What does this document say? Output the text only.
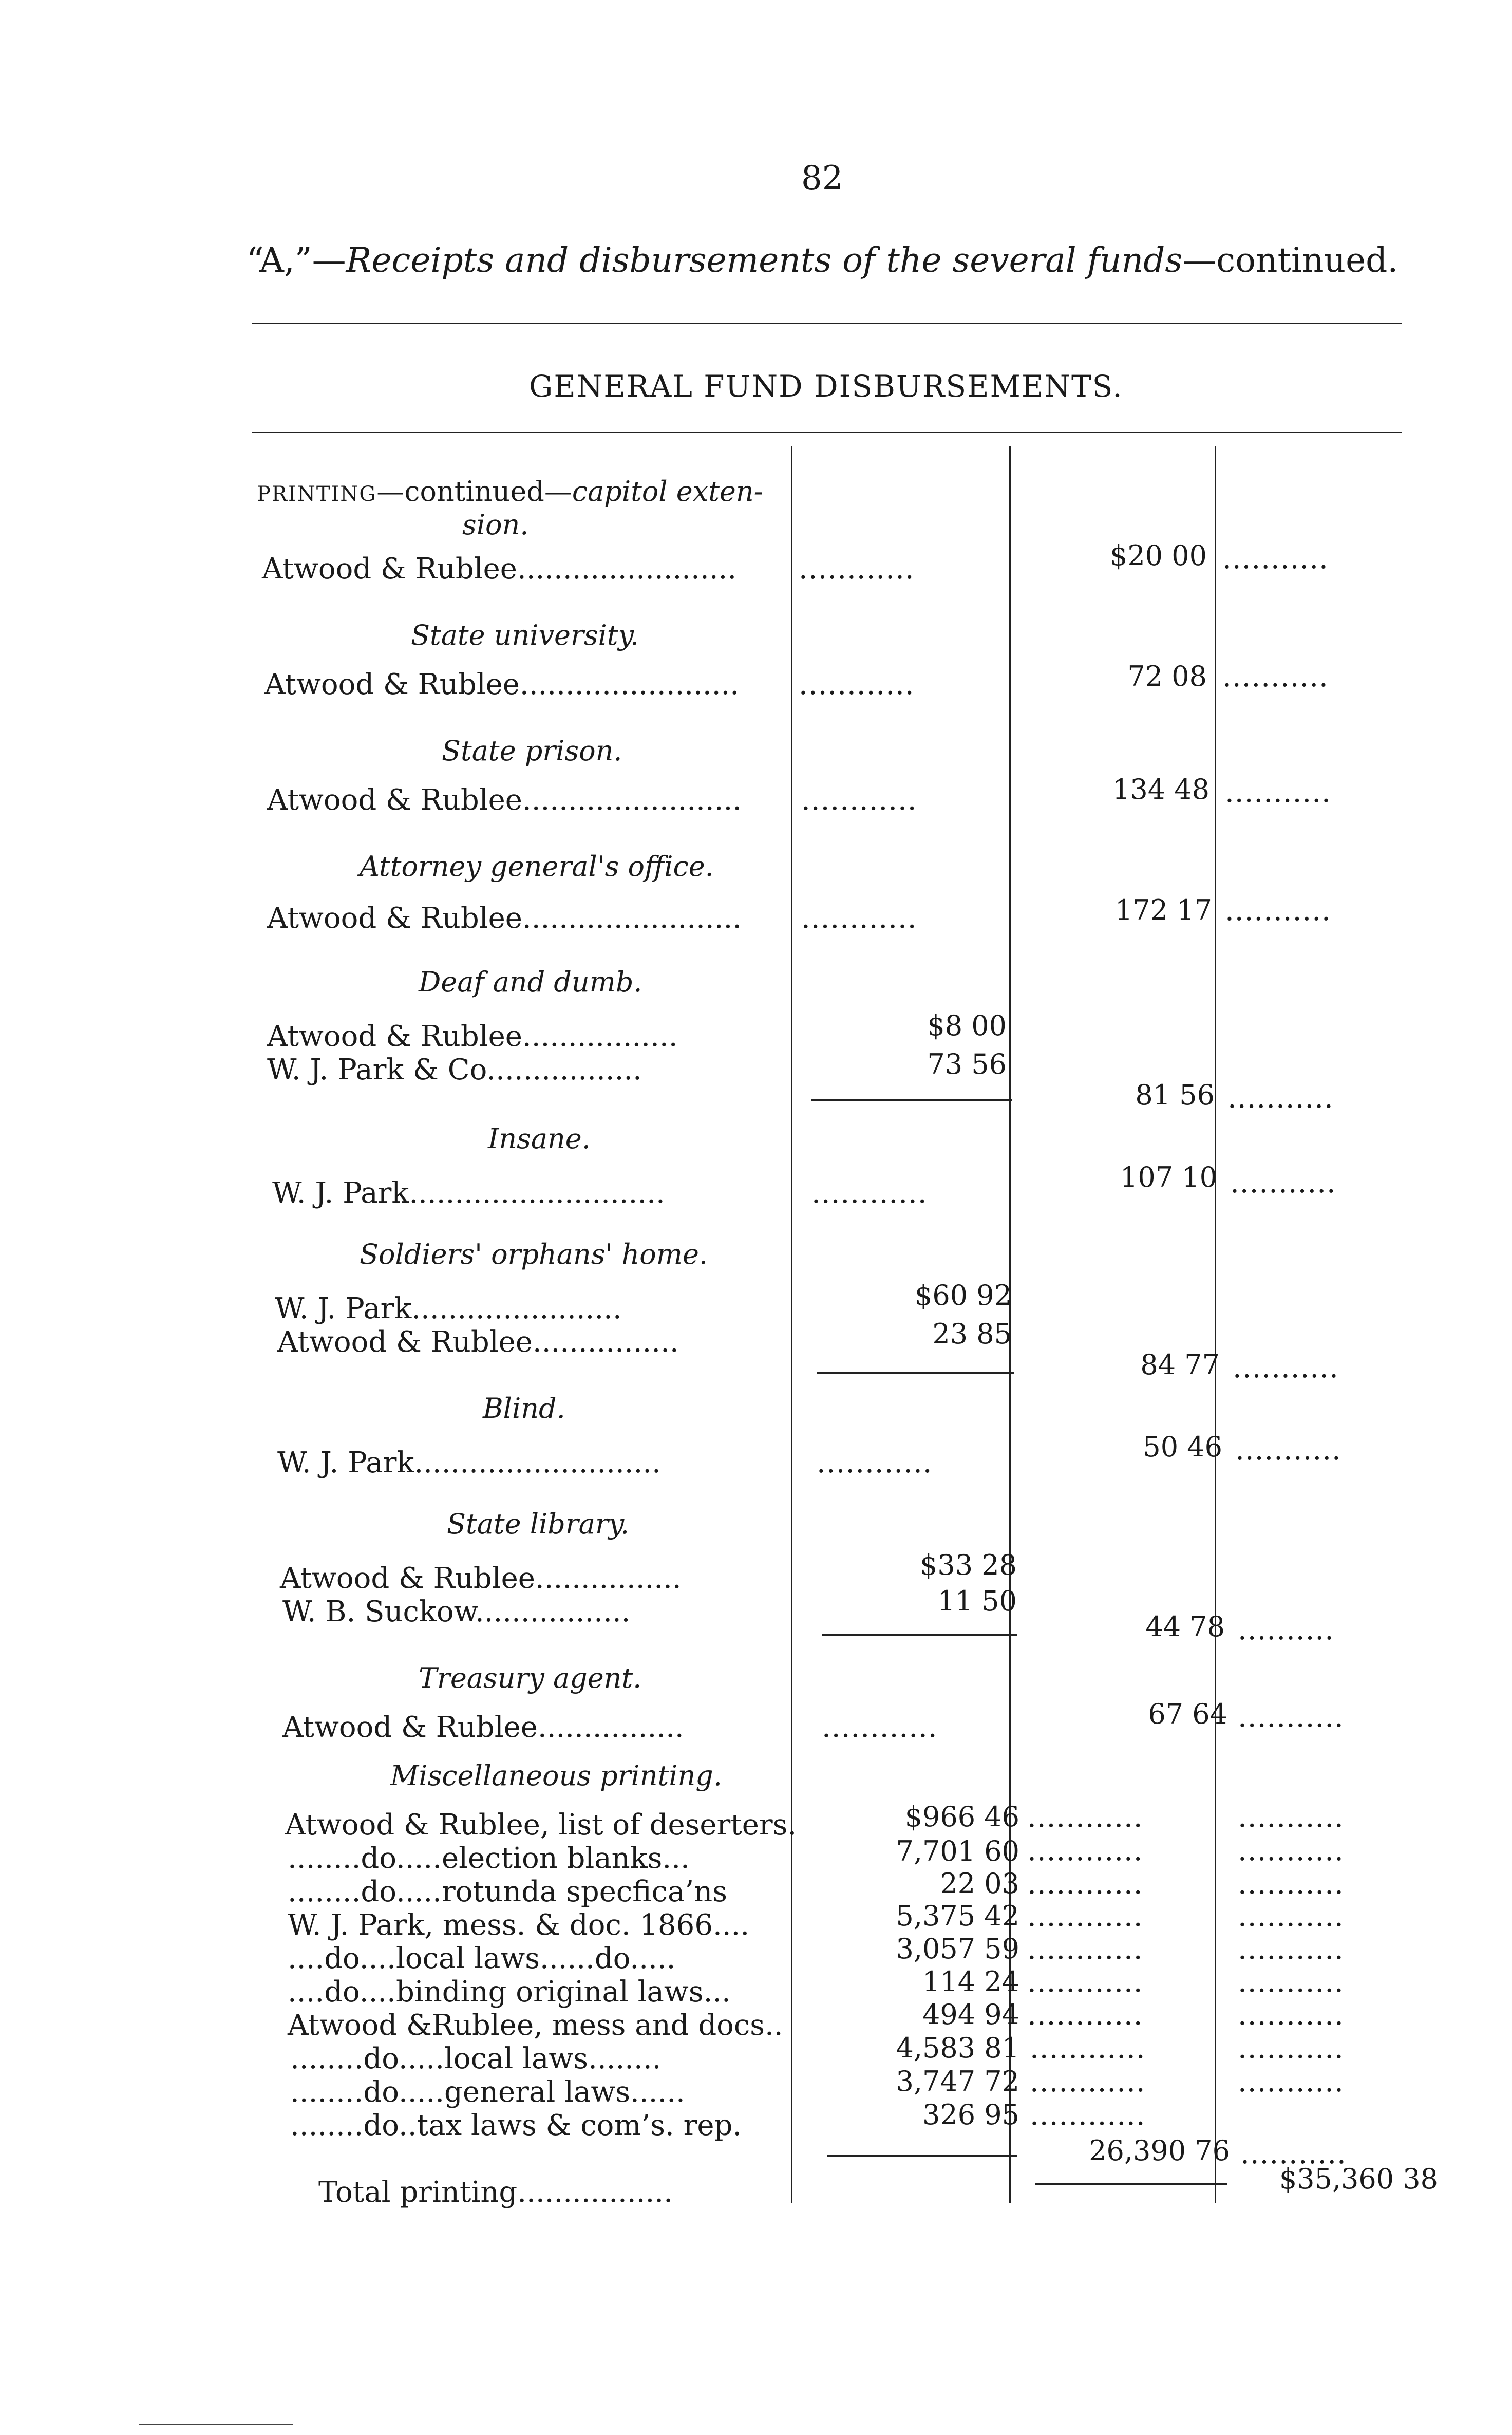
82
“A,”—Receipts and disbursements of the several funds—continued.
GENERAL FUND DISBURSEMENTS.
PRINTING—continued—capitol exten-
sion.
Atwood & Rublee........................ ............	$20 00 ...........
State university.
Atwood & Rublee........................ ............	72 08 ...........
State prison.
Atwood & Rublee........................ ............	134 48 ...........
Attorney general's office.
Atwood & Rublee........................ ............	172 17 ...........
Deaf and dumb.
Atwood & Rublee.................	$8 00
W. J. Park & Co.................	73 56
81 56 ...........
Insane.
W. J. Park............................	............	107 10 ...........
Soldiers' orphans' home.
W. J. Park.......................	$60 92
Atwood & Rublee................	23 85
84 77 ...........
Blind.
W. J. Park...........................	............	50 46 ...........
State library.
Atwood & Rublee................	$33 28
W. B. Suckow.................	11 50
44 78 ..........
Treasury agent.
Atwood & Rublee................	............	67 64 ...........
Miscellaneous printing.
Atwood & Rublee, list of deserters.	$966 46 ............	...........
........do.....election blanks...	7,701 60 ............	...........
........do.....rotunda specfica’ns	22 03 ............	...........
W. J. Park, mess. & doc. 1866....	5,375 42 ............	...........
....do....local laws......do.....	3,057 59 ............	...........
....do....binding original laws...	114 24 ............	...........
Atwood &Rublee, mess and docs..	494 94 ............	...........
........do.....local laws........	4,583 81 ............	...........
........do.....general laws......	3,747 72 ............	...........
........do..tax laws & com’s. rep.	326 95 ............
26,390 76 ...........
Total printing.................	$35,360 38
